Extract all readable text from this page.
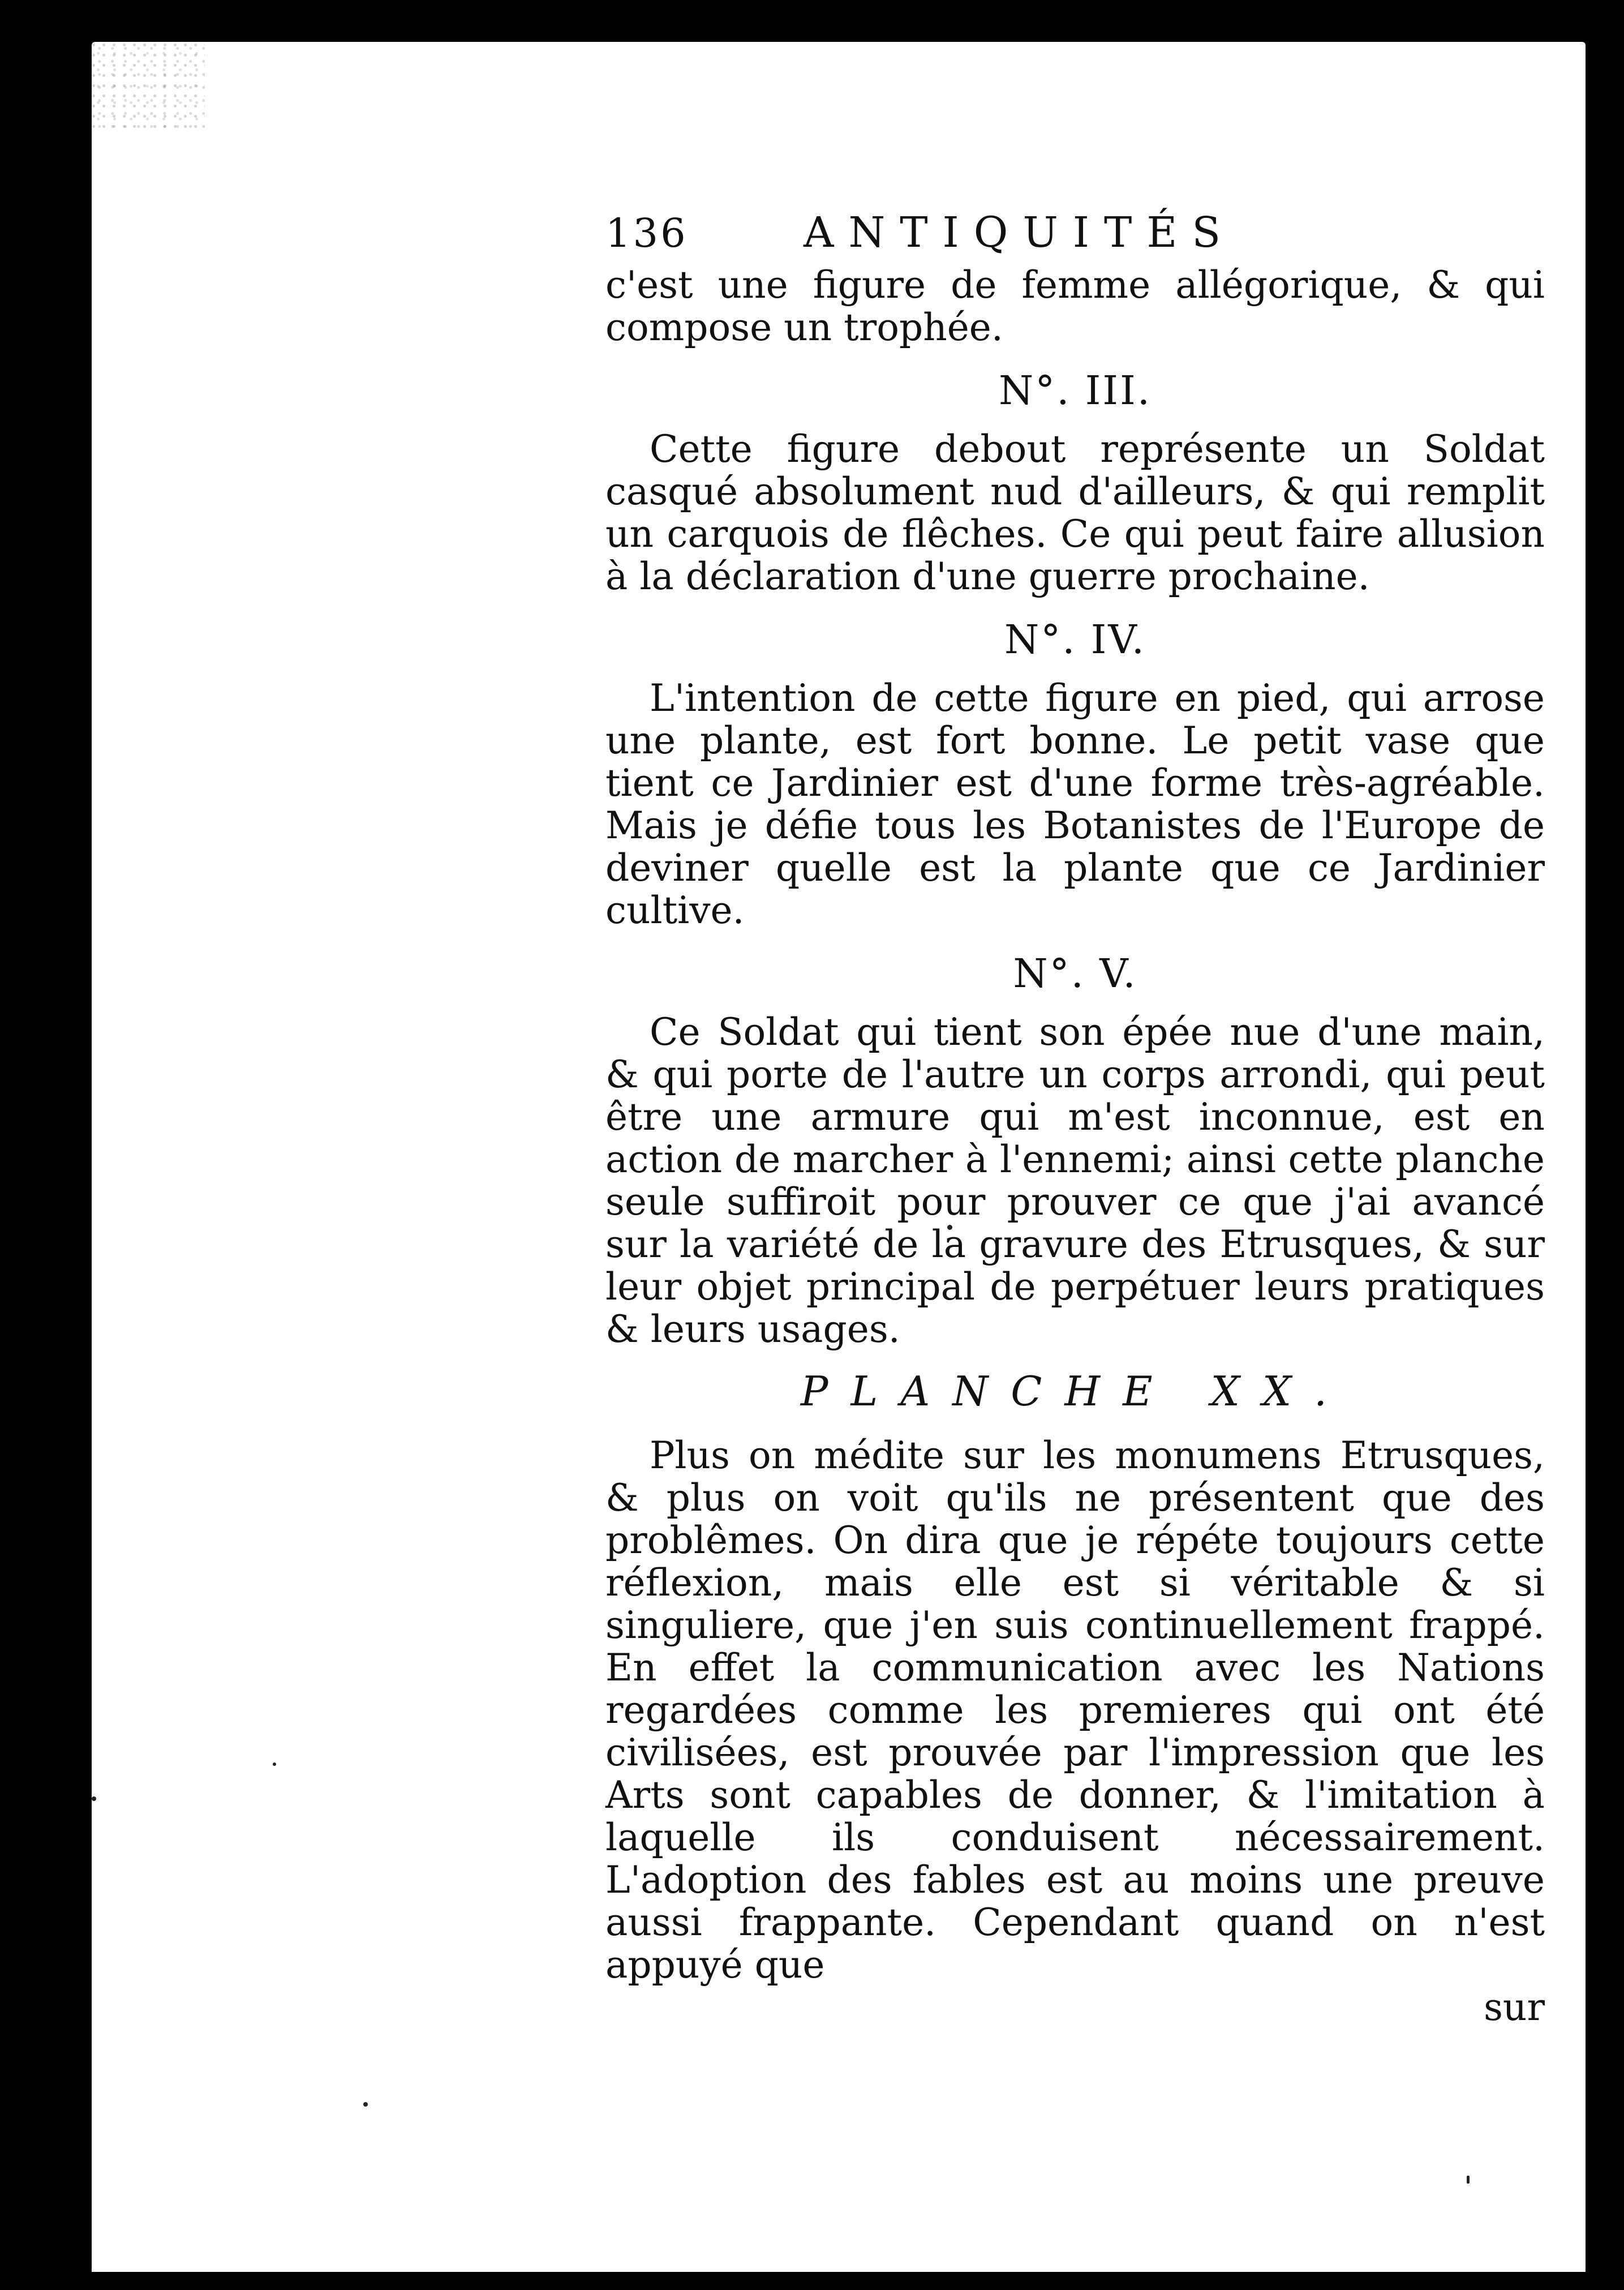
136	ANTIQUITÉS

c'est une figure de femme allégorique, & qui compose un trophée.

N°. III.

Cette figure debout représente un Soldat casqué absolument nud d'ailleurs, & qui remplit un carquois de flêches. Ce qui peut faire allusion à la déclaration d'une guerre prochaine.

N°. IV.

L'intention de cette figure en pied, qui arrose une plante, est fort bonne. Le petit vase que tient ce Jardinier est d'une forme très-agréable. Mais je défie tous les Botanistes de l'Europe de deviner quelle est la plante que ce Jardinier cultive.

N°. V.

Ce Soldat qui tient son épée nue d'une main, & qui porte de l'autre un corps arrondi, qui peut être une armure qui m'est inconnue, est en action de marcher à l'ennemi; ainsi cette planche seule suffiroit pour prouver ce que j'ai avancé sur la variété de la gravure des Etrusques, & sur leur objet principal de perpétuer leurs pratiques & leurs usages.

PLANCHE XX.

Plus on médite sur les monumens Etrusques, & plus on voit qu'ils ne présentent que des problêmes. On dira que je répéte toujours cette réflexion, mais elle est si véritable & si singuliere, que j'en suis continuellement frappé. En effet la communication avec les Nations regardées comme les premieres qui ont été civilisées, est prouvée par l'impression que les Arts sont capables de donner, & l'imitation à laquelle ils conduisent nécessairement. L'adoption des fables est au moins une preuve aussi frappante. Cependant quand on n'est appuyé que

sur
